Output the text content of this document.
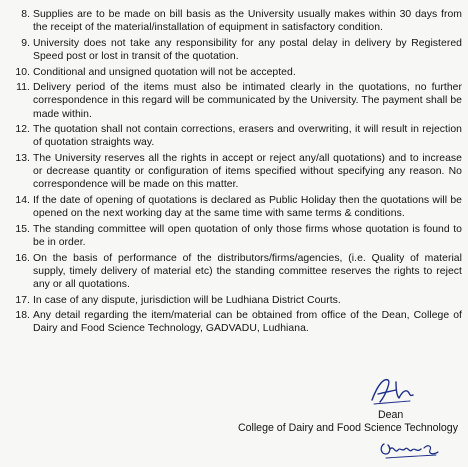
8. Supplies are to be made on bill basis as the University usually makes within 30 days from the receipt of the material/installation of equipment in satisfactory condition.
9. University does not take any responsibility for any postal delay in delivery by Registered Speed post or lost in transit of the quotation.
10. Conditional and unsigned quotation will not be accepted.
11. Delivery period of the items must also be intimated clearly in the quotations, no further correspondence in this regard will be communicated by the University. The payment shall be made within.
12. The quotation shall not contain corrections, erasers and overwriting, it will result in rejection of quotation straights way.
13. The University reserves all the rights in accept or reject any/all quotations) and to increase or decrease quantity or configuration of items specified without specifying any reason. No correspondence will be made on this matter.
14. If the date of opening of quotations is declared as Public Holiday then the quotations will be opened on the next working day at the same time with same terms & conditions.
15. The standing committee will open quotation of only those firms whose quotation is found to be in order.
16. On the basis of performance of the distributors/firms/agencies, (i.e. Quality of material supply, timely delivery of material etc) the standing committee reserves the rights to reject any or all quotations.
17. In case of any dispute, jurisdiction will be Ludhiana District Courts.
18. Any detail regarding the item/material can be obtained from office of the Dean, College of Dairy and Food Science Technology, GADVADU, Ludhiana.
Dean
College of Dairy and Food Science Technology
